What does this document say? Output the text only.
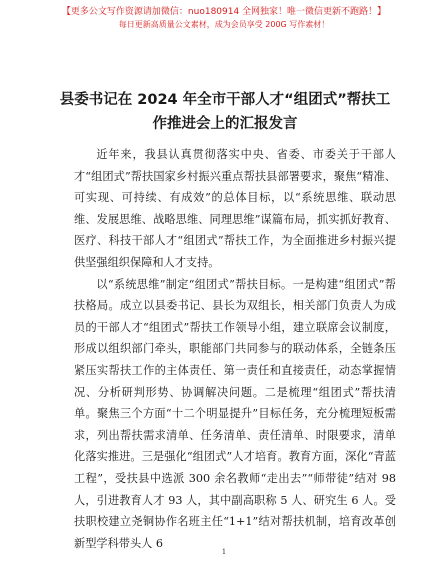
【更多公文写作资源请加微信：nuo180914 全网独家！唯一微信更新不跑路！】
每日更新高质量公文素材，成为会员享受 200G 写作素材！
县委书记在 2024 年全市干部人才“组团式”帮扶工作推进会上的汇报发言

近年来，我县认真贯彻落实中央、省委、市委关于干部人才“组团式”帮扶国家乡村振兴重点帮扶县部署要求，聚焦“精准、可实现、可持续、有成效”的总体目标，以“系统思维、联动思维、发展思维、战略思维、同理思维”谋篇布局，抓实抓好教育、医疗、科技干部人才“组团式”帮扶工作，为全面推进乡村振兴提供坚强组织保障和人才支持。

以“系统思维”制定“组团式”帮扶目标。一是构建“组团式”帮扶格局。成立以县委书记、县长为双组长，相关部门负责人为成员的干部人才“组团式”帮扶工作领导小组，建立联席会议制度，形成以组织部门牵头，职能部门共同参与的联动体系，全链条压紧压实帮扶工作的主体责任、第一责任和直接责任，动态掌握情况、分析研判形势、协调解决问题。二是梳理“组团式”帮扶清单。聚焦三个方面“十二个明显提升”目标任务，充分梳理短板需求，列出帮扶需求清单、任务清单、责任清单、时限要求，清单化落实推进。三是强化“组团式”人才培育。教育方面，深化“青蓝工程”，受扶县中选派 300 余名教师“走出去”“师带徒”结对 98 人，引进教育人才 93 人，其中副高职称 5 人、研究生 6 人。受扶职校建立尧铜协作名班主任“1+1”结对帮扶机制，培育改革创新型学科带头人 6

1
